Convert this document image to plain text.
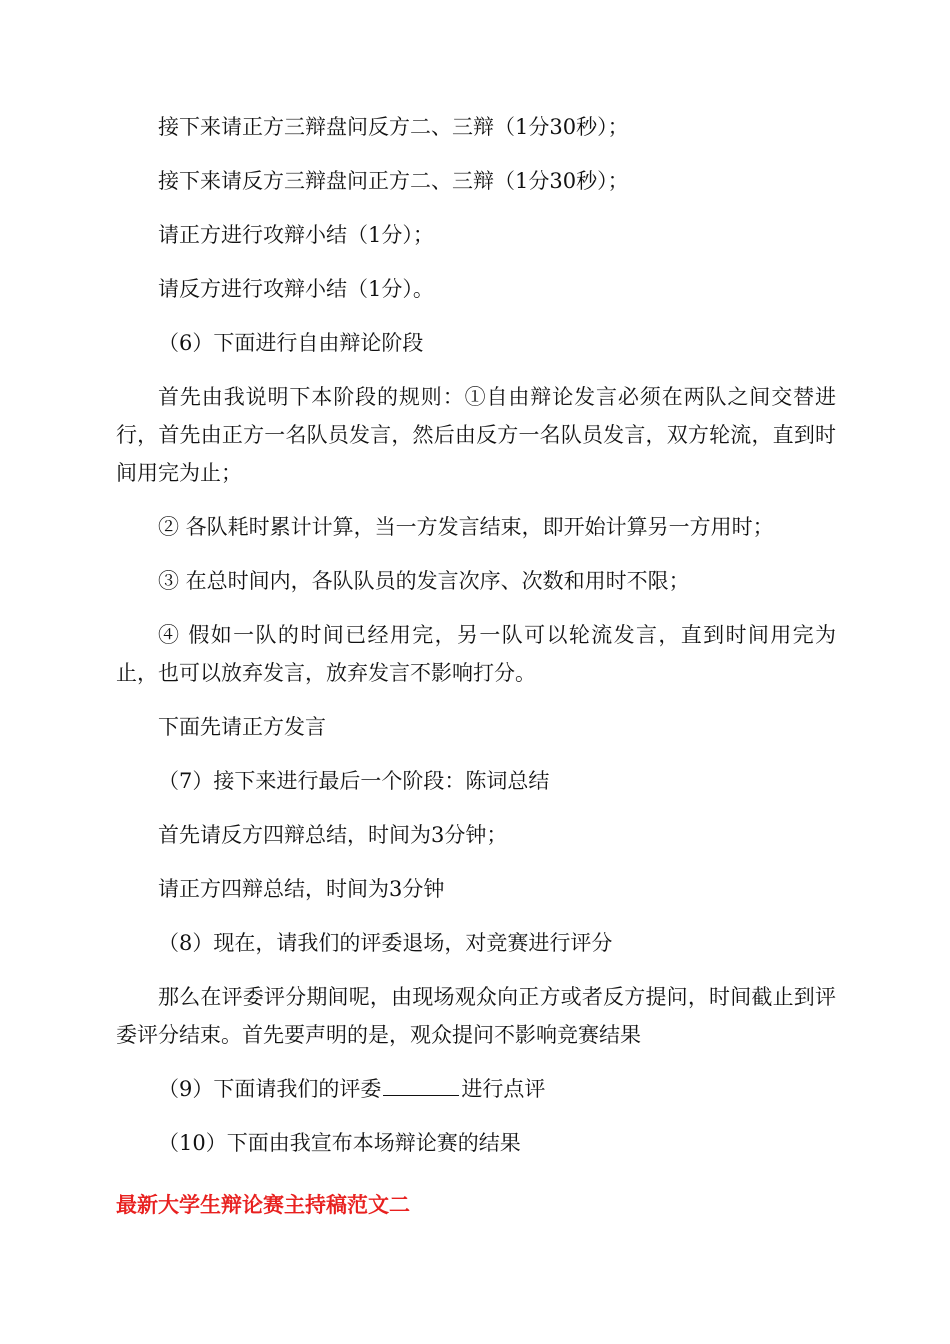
接下来请正方三辩盘问反方二、三辩（1分30秒）；

接下来请反方三辩盘问正方二、三辩（1分30秒）；

请正方进行攻辩小结（1分）；

请反方进行攻辩小结（1分）。

（6）下面进行自由辩论阶段

首先由我说明下本阶段的规则：①自由辩论发言必须在两队之间交替进行，首先由正方一名队员发言，然后由反方一名队员发言，双方轮流，直到时间用完为止；

② 各队耗时累计计算，当一方发言结束，即开始计算另一方用时；

③ 在总时间内，各队队员的发言次序、次数和用时不限；

④ 假如一队的时间已经用完，另一队可以轮流发言，直到时间用完为止，也可以放弃发言，放弃发言不影响打分。

下面先请正方发言

（7）接下来进行最后一个阶段：陈词总结

首先请反方四辩总结，时间为3分钟；

请正方四辩总结，时间为3分钟

（8）现在，请我们的评委退场，对竞赛进行评分

那么在评委评分期间呢，由现场观众向正方或者反方提问，时间截止到评委评分结束。首先要声明的是，观众提问不影响竞赛结果

（9）下面请我们的评委	进行点评

（10）下面由我宣布本场辩论赛的结果

最新大学生辩论赛主持稿范文二
